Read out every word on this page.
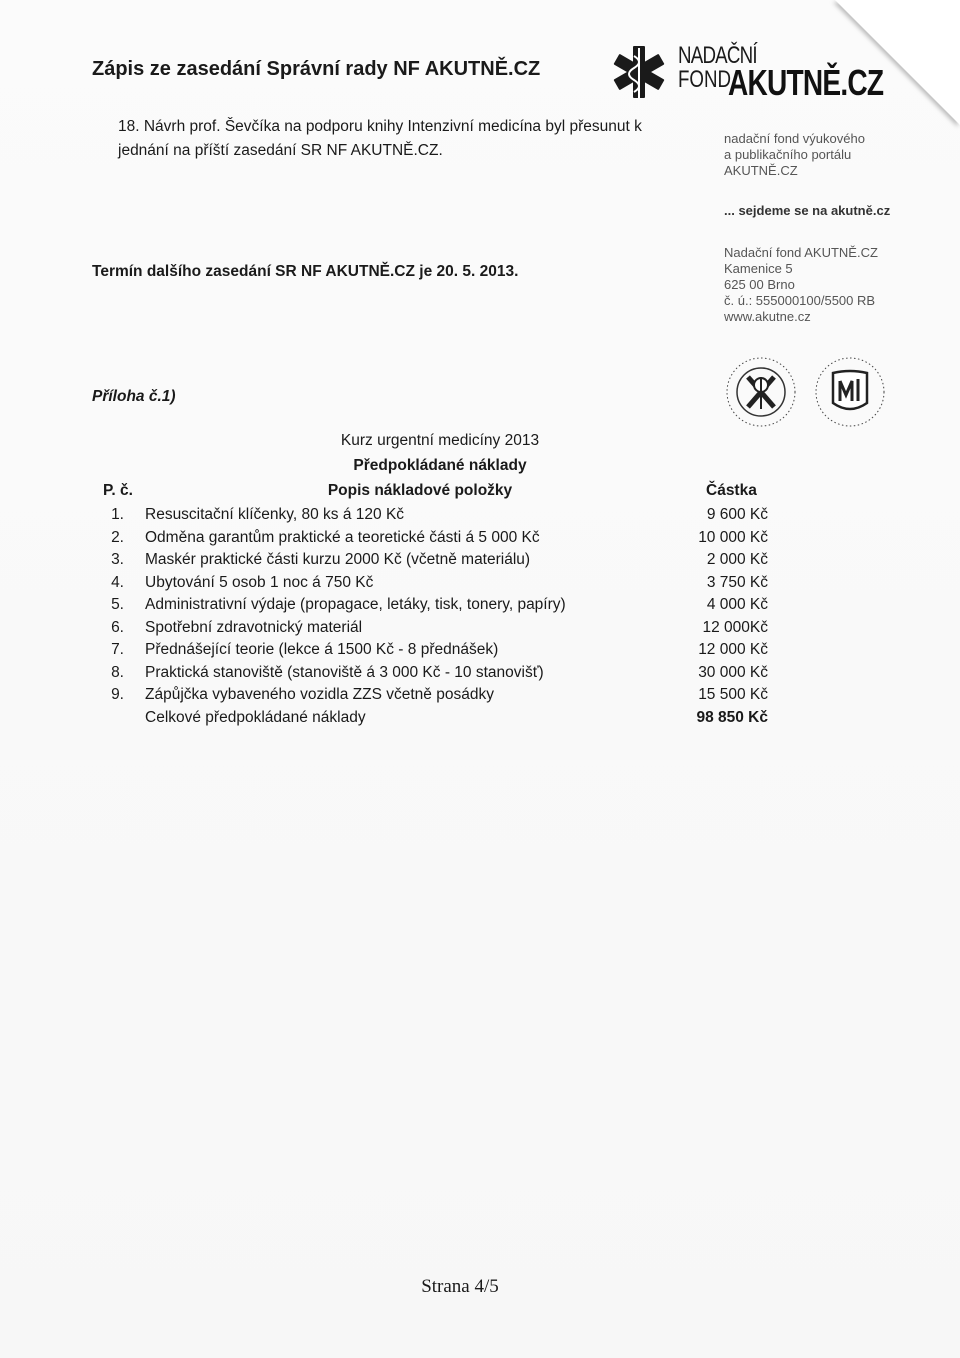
Zápis ze zasedání Správní rady NF AKUTNĚ.CZ	NADAČNÍ
FOND
AKUTNĚ.CZ
nadační fond výukového
a publikačního portálu
AKUTNĚ.CZ
... sejdeme se na akutně.cz
Nadační fond AKUTNĚ.CZ
Kamenice 5
625 00 Brno
č. ú.: 555000100/5500 RB
www.akutne.cz
18. Návrh prof. Ševčíka na podporu knihy Intenzivní medicína byl přesunut k
jednání na příští zasedání SR NF AKUTNĚ.CZ.
Termín dalšího zasedání SR NF AKUTNĚ.CZ je 20. 5. 2013.
Příloha č.1)
Kurz urgentní medicíny 2013
Předpokládané náklady
P. č.	Popis nákladové položky	Částka
1. Resuscitační klíčenky, 80 ks á 120 Kč	9 600 Kč
2. Odměna garantům praktické a teoretické části á 5 000 Kč	10 000 Kč
3. Maskér praktické části kurzu 2000 Kč (včetně materiálu)	2 000 Kč
4. Ubytování 5 osob 1 noc á 750 Kč	3 750 Kč
5. Administrativní výdaje (propagace, letáky, tisk, tonery, papíry)	4 000 Kč
6. Spotřební zdravotnický materiál	12 000Kč
7. Přednášející teorie (lekce á 1500 Kč - 8 přednášek)	12 000 Kč
8. Praktická stanoviště (stanoviště á 3 000 Kč - 10 stanovišť)	30 000 Kč
9. Zápůjčka vybaveného vozidla ZZS včetně posádky	15 500 Kč
Celkové předpokládané náklady	98 850 Kč
Strana 4/5
